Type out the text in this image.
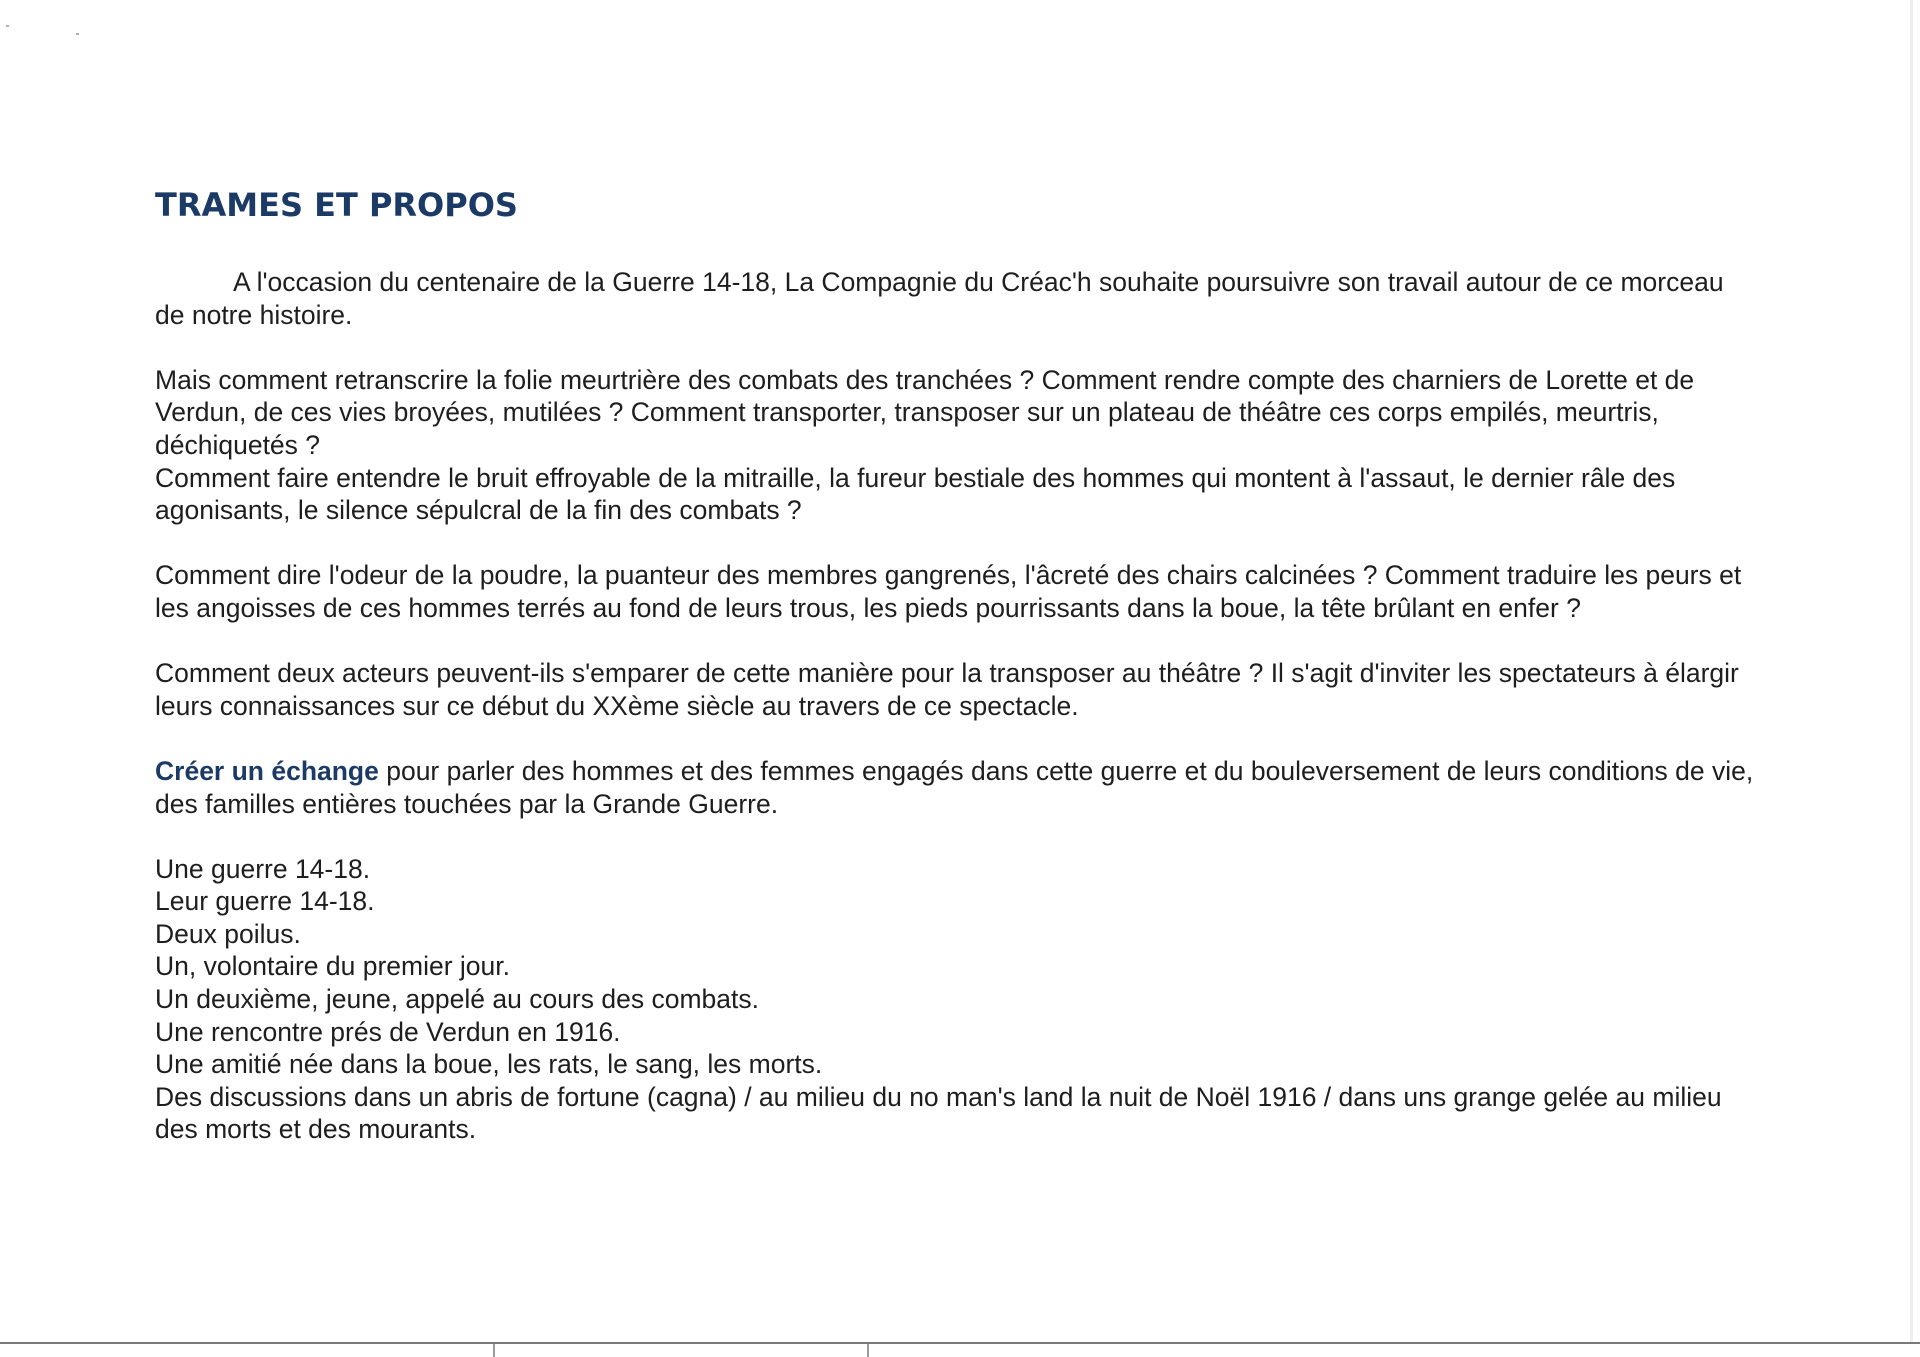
TRAMES ET PROPOS

A l'occasion du centenaire de la Guerre 14-18, La Compagnie du Créac'h souhaite poursuivre son travail autour de ce morceau de notre histoire.

Mais comment retranscrire la folie meurtrière des combats des tranchées ? Comment rendre compte des charniers de Lorette et de Verdun, de ces vies broyées, mutilées ? Comment transporter, transposer sur un plateau de théâtre ces corps empilés, meurtris, déchiquetés ?

Comment faire entendre le bruit effroyable de la mitraille, la fureur bestiale des hommes qui montent à l'assaut, le dernier râle des agonisants, le silence sépulcral de la fin des combats ?

Comment dire l'odeur de la poudre, la puanteur des membres gangrenés, l'âcreté des chairs calcinées ? Comment traduire les peurs et les angoisses de ces hommes terrés au fond de leurs trous, les pieds pourrissants dans la boue, la tête brûlant en enfer ?

Comment deux acteurs peuvent-ils s'emparer de cette manière pour la transposer au théâtre ? Il s'agit d'inviter les spectateurs à élargir leurs connaissances sur ce début du XXème siècle au travers de ce spectacle.

Créer un échange pour parler des hommes et des femmes engagés dans cette guerre et du bouleversement de leurs conditions de vie, des familles entières touchées par la Grande Guerre.

Une guerre 14-18.
Leur guerre 14-18.
Deux poilus.
Un, volontaire du premier jour.
Un deuxième, jeune, appelé au cours des combats.
Une rencontre prés de Verdun en 1916.
Une amitié née dans la boue, les rats, le sang, les morts.
Des discussions dans un abris de fortune (cagna) / au milieu du no man's land la nuit de Noël 1916 / dans uns grange gelée au milieu des morts et des mourants.
